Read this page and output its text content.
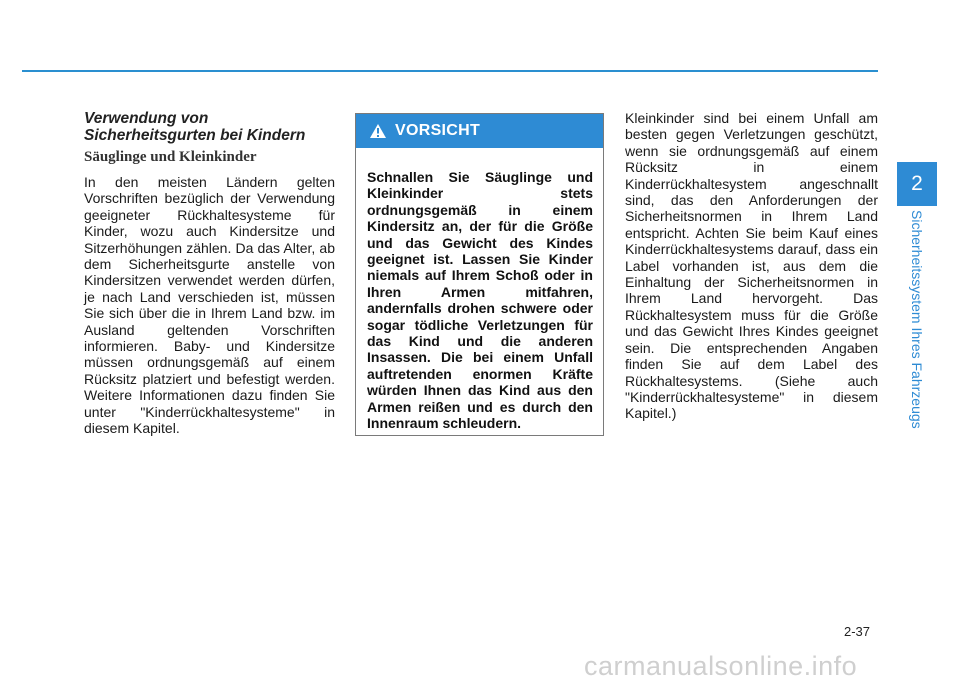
Verwendung von
Sicherheitsgurten bei Kindern

Säuglinge und Kleinkinder

In den meisten Ländern gelten Vorschriften bezüglich der Verwendung geeigneter Rückhaltesysteme für Kinder, wozu auch Kindersitze und Sitzerhöhungen zählen. Da das Alter, ab dem Sicherheitsgurte anstelle von Kindersitzen verwendet werden dürfen, je nach Land verschieden ist, müssen Sie sich über die in Ihrem Land bzw. im Ausland geltenden Vorschriften informieren. Baby- und Kindersitze müssen ordnungsgemäß auf einem Rücksitz platziert und befestigt werden. Weitere Informationen dazu finden Sie unter "Kinderrückhaltesysteme" in diesem Kapitel.

VORSICHT

Schnallen Sie Säuglinge und Kleinkinder stets ordnungsgemäß in einem Kindersitz an, der für die Größe und das Gewicht des Kindes geeignet ist. Lassen Sie Kinder niemals auf Ihrem Schoß oder in Ihren Armen mitfahren, andernfalls drohen schwere oder sogar tödliche Verletzungen für das Kind und die anderen Insassen. Die bei einem Unfall auftretenden enormen Kräfte würden Ihnen das Kind aus den Armen reißen und es durch den Innenraum schleudern.

Kleinkinder sind bei einem Unfall am besten gegen Verletzungen geschützt, wenn sie ordnungsgemäß auf einem Rücksitz in einem Kinderrückhaltesystem angeschnallt sind, das den Anforderungen der Sicherheitsnormen in Ihrem Land entspricht. Achten Sie beim Kauf eines Kinderrückhaltesystems darauf, dass ein Label vorhanden ist, aus dem die Einhaltung der Sicherheitsnormen in Ihrem Land hervorgeht. Das Rückhaltesystem muss für die Größe und das Gewicht Ihres Kindes geeignet sein. Die entsprechenden Angaben finden Sie auf dem Label des Rückhaltesystems. (Siehe auch "Kinderrückhaltesysteme" in diesem Kapitel.)

2
Sicherheitssystem Ihres Fahrzeugs
2-37
carmanualsonline.info
